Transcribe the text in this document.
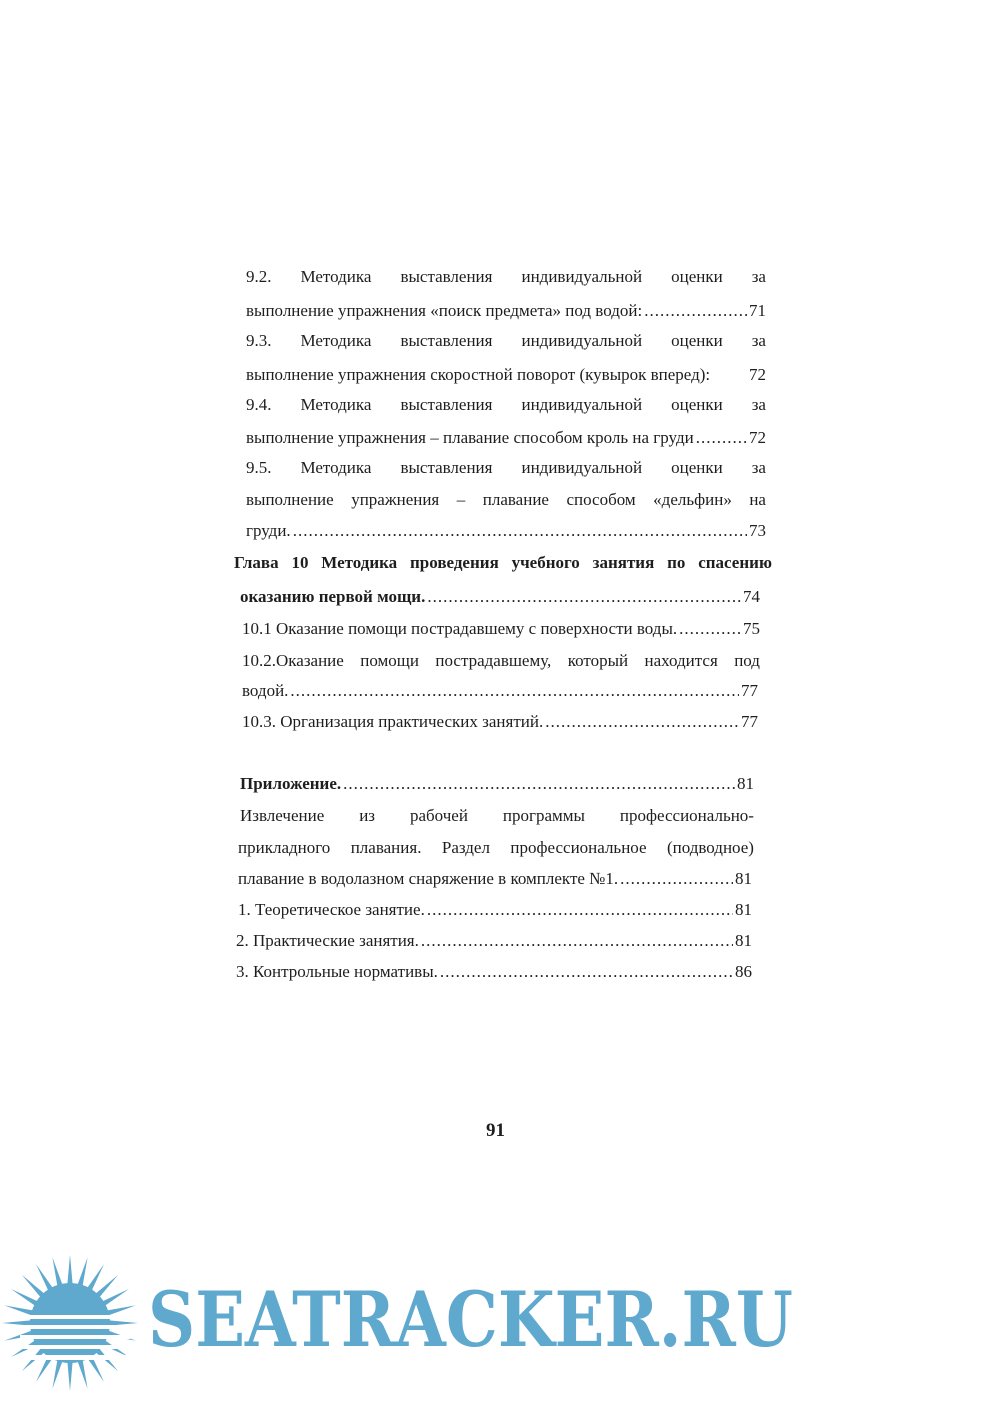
9.2. Методика выставления индивидуальной оценки за
выполнение упражнения «поиск предмета» под водой: .....	71
9.3. Методика выставления индивидуальной оценки за
выполнение упражнения скоростной поворот (кувырок вперед): 72
9.4. Методика выставления индивидуальной оценки за
выполнение упражнения – плавание способом кроль на груди .....	72
9.5. Методика выставления индивидуальной оценки за
выполнение упражнения – плавание способом «дельфин» на
груди. .....	73
Глава 10 Методика проведения учебного занятия по спасению
оказанию первой мощи. .....	74
10.1 Оказание помощи пострадавшему с поверхности воды. .....	75
10.2.Оказание помощи пострадавшему, который находится под
водой. .....	77
10.3. Организация практических занятий. .....	77
Приложение. .....	81
Извлечение из рабочей программы профессионально-
прикладного плавания. Раздел профессиональное (подводное)
плавание в водолазном снаряжение в комплекте №1. .....	81
1. Теоретическое занятие. .....	81
2. Практические занятия. .....	81
3. Контрольные нормативы. .....	86
91
SEATRACKER.RU
